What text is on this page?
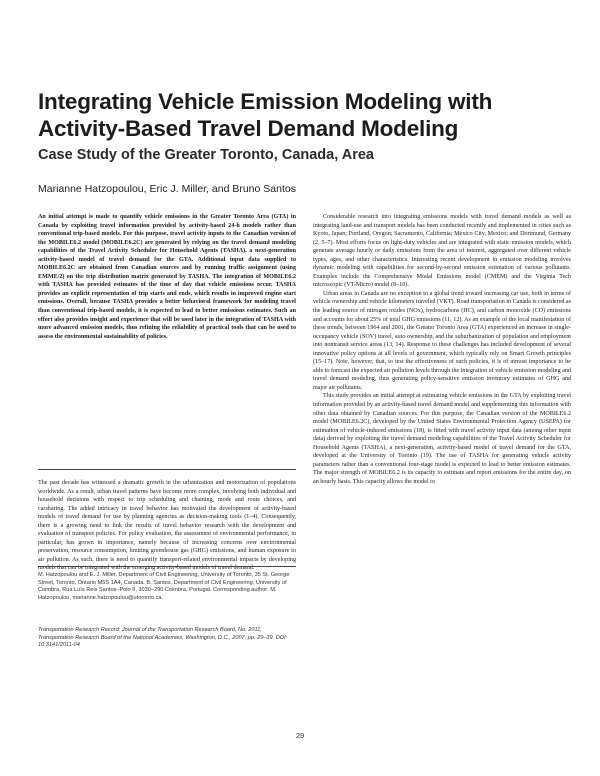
Integrating Vehicle Emission Modeling with Activity-Based Travel Demand Modeling
Case Study of the Greater Toronto, Canada, Area
Marianne Hatzopoulou, Eric J. Miller, and Bruno Santos

An initial attempt is made to quantify vehicle emissions in the Greater Toronto Area (GTA) in Canada by exploiting travel information provided by activity-based 24-h models rather than conventional trip-based models. For this purpose, travel activity inputs to the Canadian version of the MOBILE6.2 model (MOBILE6.2C) are generated by relying on the travel demand modeling capabilities of the Travel Activity Scheduler for Household Agents (TASHA), a next-generation activity-based model of travel demand for the GTA. Additional input data supplied to MOBILE6.2C are obtained from Canadian sources and by running traffic assignment (using EMME/2) on the trip distribution matrix generated by TASHA. The integration of MOBILE6.2 with TASHA has provided estimates of the time of day that vehicle emissions occur. TASHA provides an explicit representation of trip starts and ends, which results in improved engine start emissions. Overall, because TASHA provides a better behavioral framework for modeling travel than conventional trip-based models, it is expected to lead to better emissions estimates. Such an effort also provides insight and experience that will be used later in the integration of TASHA with more advanced emission models, thus refining the reliability of practical tools that can be used to assess the environmental sustainability of policies.

The past decade has witnessed a dramatic growth in the urbanization and motorization of populations worldwide. As a result, urban travel patterns have become more complex, involving both individual and household decisions with respect to trip scheduling and chaining, mode and route choices, and carsharing. The added intricacy in travel behavior has motivated the development of activity-based models of travel demand for use by planning agencies as decision-making tools (1–4). Consequently, there is a growing need to link the results of travel behavior research with the development and evaluation of transport policies. For policy evaluation, the assessment of environmental performance, in particular, has grown in importance, namely because of increasing concerns over environmental preservation, resource consumption, limiting greenhouse gas (GHG) emissions, and human exposure to air pollution. As such, there is need to quantify transport-related environmental impacts by developing models that can be integrated with the emerging activity-based models of travel demand.

M. Hatzopoulou and E. J. Miller, Department of Civil Engineering, University of Toronto, 35 St. George Street, Toronto, Ontario M5S 1A4, Canada. B. Santos, Department of Civil Engineering, University of Coimbra, Rua Luís Reis Santos–Polo II, 3030–290 Coimbra, Portugal. Corresponding author: M. Hatzopoulou, marianne.hatzopoulou@utoronto.ca.
Transportation Research Record: Journal of the Transportation Research Board, No. 2011, Transportation Research Board of the National Academies, Washington, D.C., 2007, pp. 29–39. DOI: 10.3141/2011-04

Considerable research into integrating emissions models with travel demand models as well as integrating land-use and transport models has been conducted recently and implemented in cities such as Kyoto, Japan; Portland, Oregon; Sacramento, California; Mexico City, Mexico; and Dortmund, Germany (2, 5–7). Most efforts focus on light-duty vehicles and are integrated with static emission models, which generate average hourly or daily emissions from the area of interest, aggregated over different vehicle types, ages, and other characteristics. Interesting recent development in emission modeling involves dynamic modeling with capabilities for second-by-second emission estimation of various pollutants. Examples include the Comprehensive Modal Emissions model (CMEM) and the Virginia Tech microscopic (VT-Micro) model (8–10).

Urban areas in Canada are no exception to a global trend toward increasing car use, both in terms of vehicle ownership and vehicle kilometers traveled (VKT). Road transportation in Canada is considered as the leading source of nitrogen oxides (NOx), hydrocarbons (HC), and carbon monoxide (CO) emissions and accounts for about 25% of total GHG emissions (11, 12). As an example of the local manifestation of these trends, between 1964 and 2001, the Greater Toronto Area (GTA) experienced an increase in single-occupancy vehicle (SOV) travel, auto ownership, and the suburbanization of population and employment into nontransit service areas (13, 14). Response to these challenges has included development of several innovative policy options at all levels of government, which typically rely on Smart Growth principles (15–17). Note, however, that, to test the effectiveness of such policies, it is of utmost importance to be able to forecast the expected air pollution levels through the integration of vehicle emission modeling and travel demand modeling, thus generating policy-sensitive emission inventory estimates of GHG and major air pollutants.

This study provides an initial attempt at estimating vehicle emissions in the GTA by exploiting travel information provided by an activity-based travel demand model and supplementing this information with other data obtained by Canadian sources. For this purpose, the Canadian version of the MOBILE6.2 model (MOBILE6.2C), developed by the United States Environmental Protection Agency (USEPA) for estimation of vehicle-induced emissions (18), is fitted with travel activity input data (among other input data) derived by exploiting the travel demand modeling capabilities of the Travel Activity Scheduler for Household Agents (TASHA), a next-generation, activity-based model of travel demand for the GTA, developed at the University of Toronto (19). The use of TASHA for generating vehicle activity parameters rather than a conventional four-stage model is expected to lead to better emission estimates. The major strength of MOBILE6.2 is its capacity to estimate and report emissions for the entire day, on an hourly basis. This capacity allows the model to

29
